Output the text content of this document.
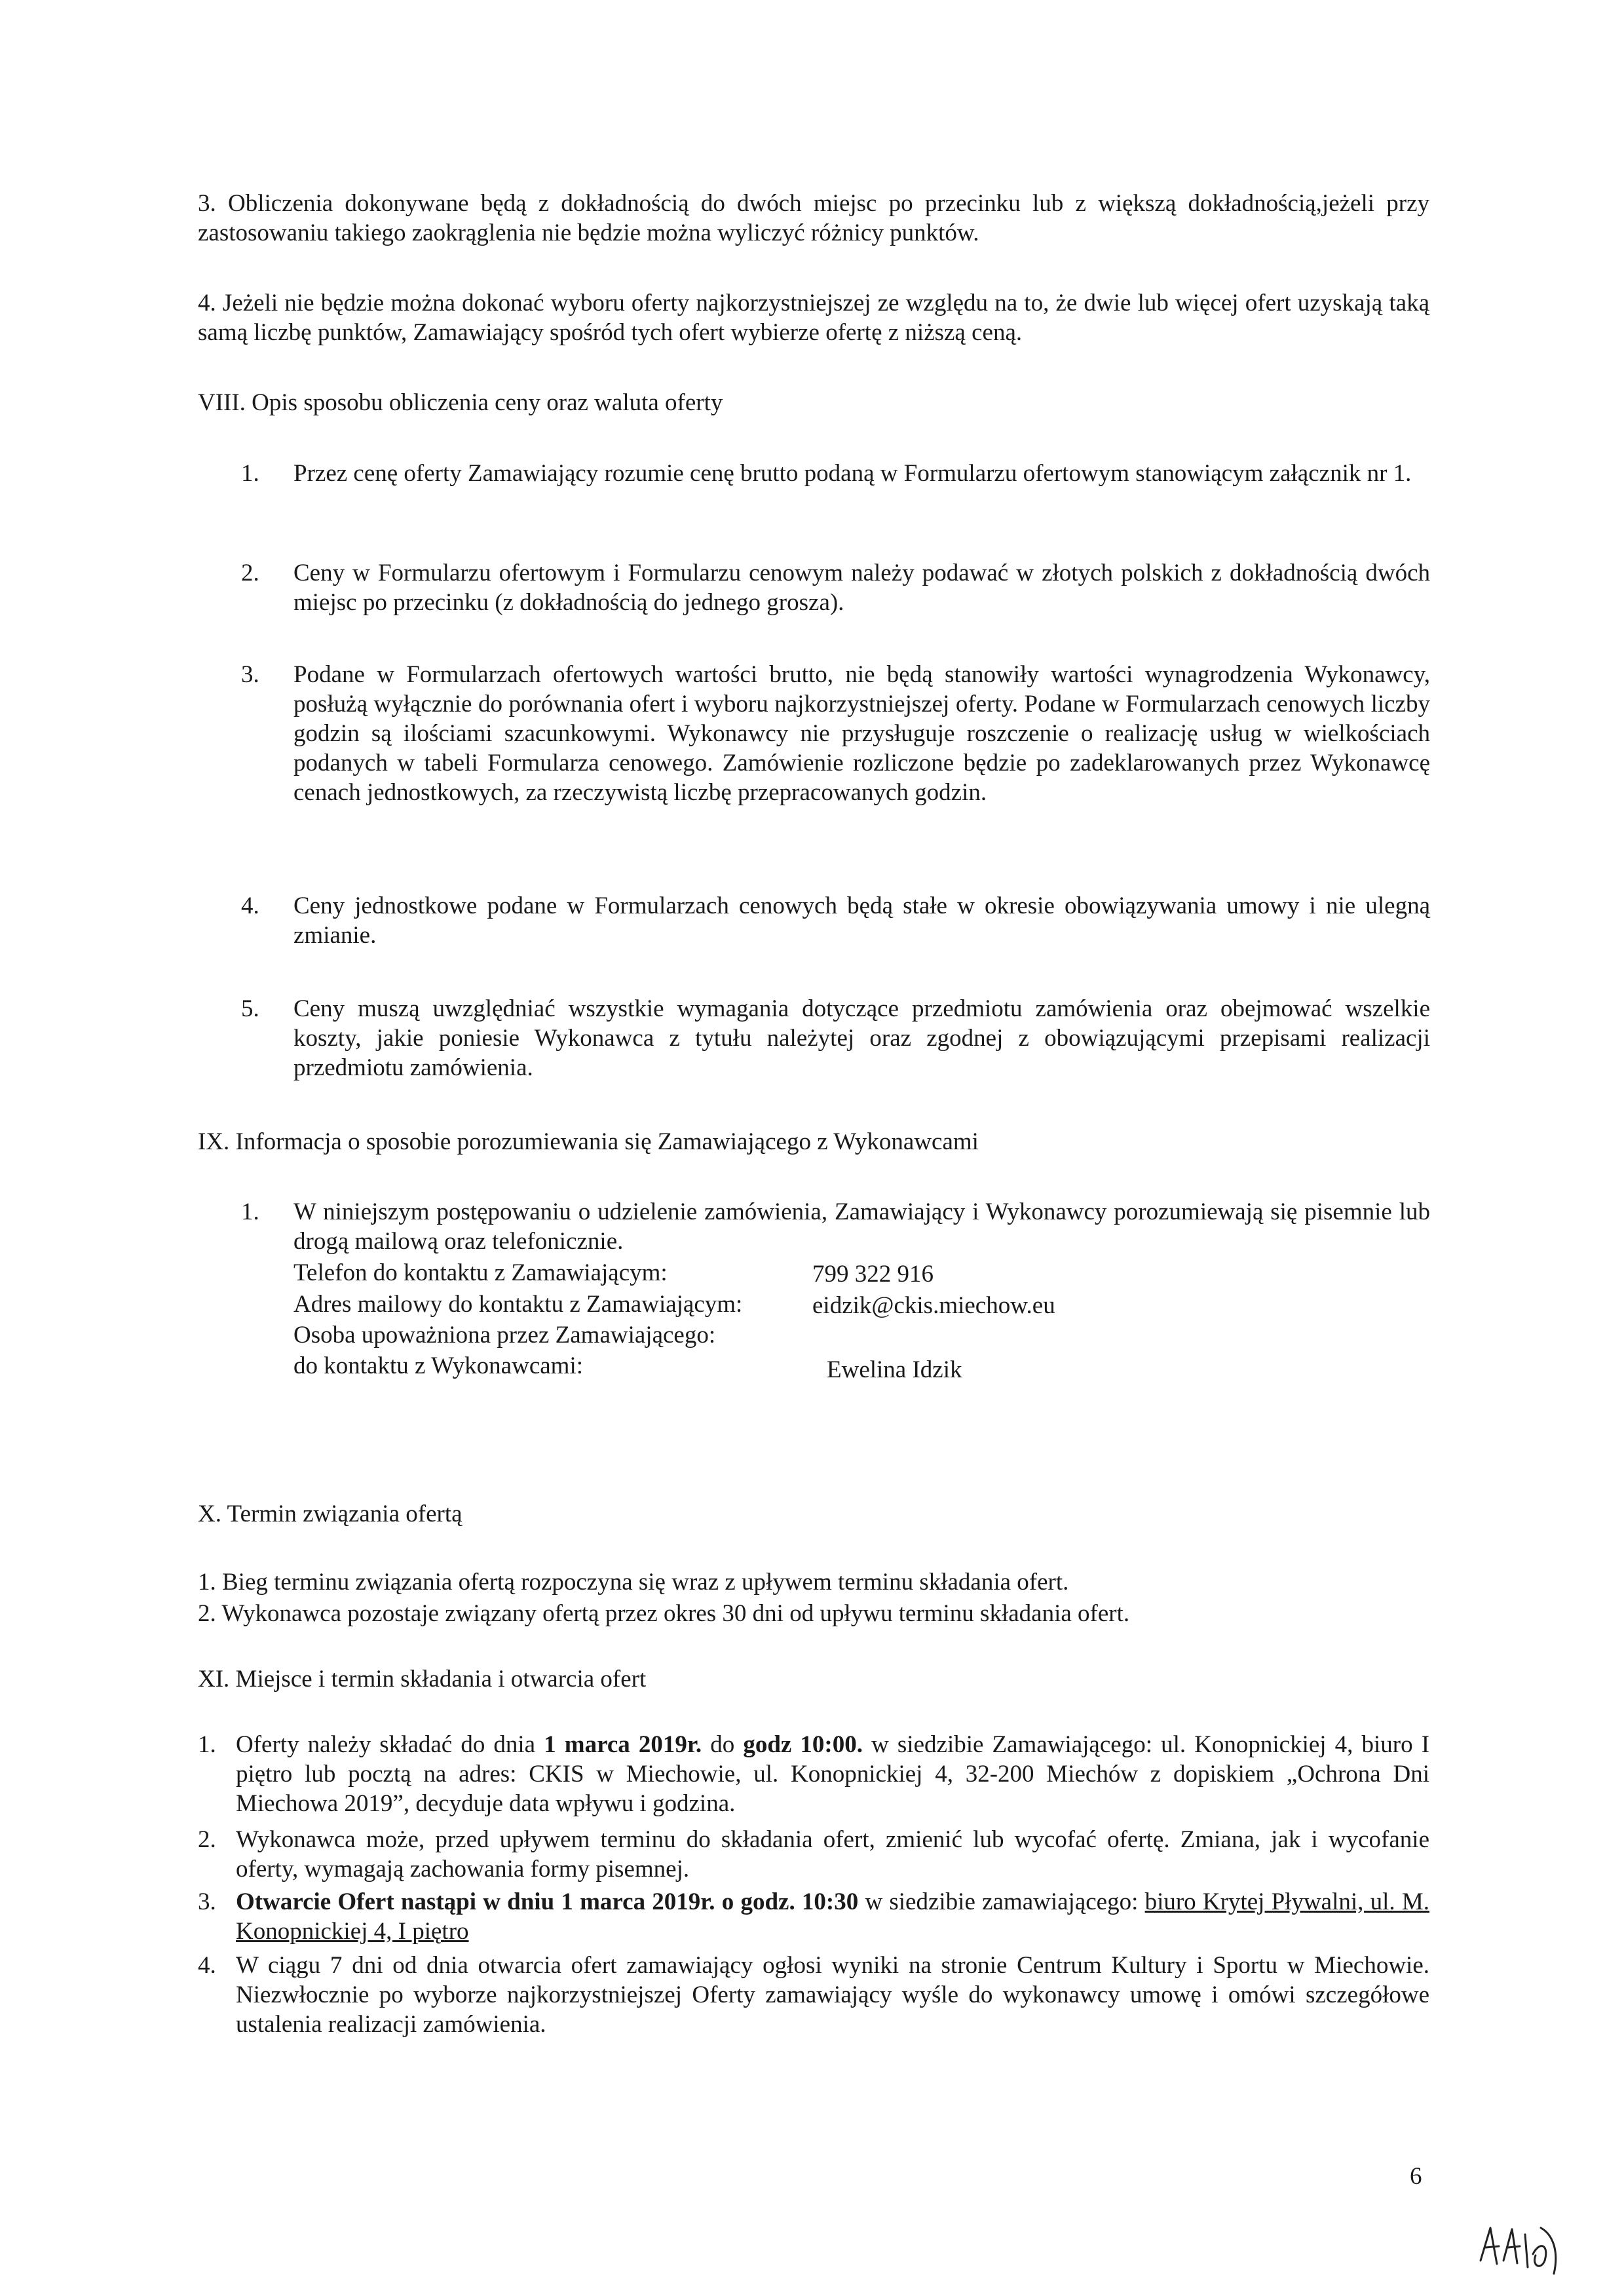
3. Obliczenia dokonywane będą z dokładnością do dwóch miejsc po przecinku lub z większą dokładnością,jeżeli przy zastosowaniu takiego zaokrąglenia nie będzie można wyliczyć różnicy punktów.
4. Jeżeli nie będzie można dokonać wyboru oferty najkorzystniejszej ze względu na to, że dwie lub więcej ofert uzyskają taką samą liczbę punktów, Zamawiający spośród tych ofert wybierze ofertę z niższą ceną.
VIII. Opis sposobu obliczenia ceny oraz waluta oferty
1. Przez cenę oferty Zamawiający rozumie cenę brutto podaną w Formularzu ofertowym stanowiącym załącznik nr 1.
2. Ceny w Formularzu ofertowym i Formularzu cenowym należy podawać w złotych polskich z dokładnością dwóch miejsc po przecinku (z dokładnością do jednego grosza).
3. Podane w Formularzach ofertowych wartości brutto, nie będą stanowiły wartości wynagrodzenia Wykonawcy, posłużą wyłącznie do porównania ofert i wyboru najkorzystniejszej oferty. Podane w Formularzach cenowych liczby godzin są ilościami szacunkowymi. Wykonawcy nie przysługuje roszczenie o realizację usług w wielkościach podanych w tabeli Formularza cenowego. Zamówienie rozliczone będzie po zadeklarowanych przez Wykonawcę cenach jednostkowych, za rzeczywistą liczbę przepracowanych godzin.
4. Ceny jednostkowe podane w Formularzach cenowych będą stałe w okresie obowiązywania umowy i nie ulegną zmianie.
5. Ceny muszą uwzględniać wszystkie wymagania dotyczące przedmiotu zamówienia oraz obejmować wszelkie koszty, jakie poniesie Wykonawca z tytułu należytej oraz zgodnej z obowiązującymi przepisami realizacji przedmiotu zamówienia.
IX. Informacja o sposobie porozumiewania się Zamawiającego z Wykonawcami
1. W niniejszym postępowaniu o udzielenie zamówienia, Zamawiający i Wykonawcy porozumiewają się pisemnie lub drogą mailową oraz telefonicznie.
Telefon do kontaktu z Zamawiającym:	799 322 916
Adres mailowy do kontaktu z Zamawiającym:	eidzik@ckis.miechow.eu
Osoba upoważniona przez Zamawiającego:
do kontaktu z Wykonawcami:	Ewelina Idzik
X. Termin związania ofertą
1. Bieg terminu związania ofertą rozpoczyna się wraz z upływem terminu składania ofert.
2. Wykonawca pozostaje związany ofertą przez okres 30 dni od upływu terminu składania ofert.
XI. Miejsce i termin składania i otwarcia ofert
1. Oferty należy składać do dnia 1 marca 2019r. do godz 10:00. w siedzibie Zamawiającego: ul. Konopnickiej 4, biuro I piętro lub pocztą na adres: CKIS w Miechowie, ul. Konopnickiej 4, 32-200 Miechów z dopiskiem „Ochrona Dni Miechowa 2019”, decyduje data wpływu i godzina.
2. Wykonawca może, przed upływem terminu do składania ofert, zmienić lub wycofać ofertę. Zmiana, jak i wycofanie oferty, wymagają zachowania formy pisemnej.
3. Otwarcie Ofert nastąpi w dniu 1 marca 2019r. o godz. 10:30 w siedzibie zamawiającego: biuro Krytej Pływalni, ul. M. Konopnickiej 4, I piętro
4. W ciągu 7 dni od dnia otwarcia ofert zamawiający ogłosi wyniki na stronie Centrum Kultury i Sportu w Miechowie. Niezwłocznie po wyborze najkorzystniejszej Oferty zamawiający wyśle do wykonawcy umowę i omówi szczegółowe ustalenia realizacji zamówienia.
6
